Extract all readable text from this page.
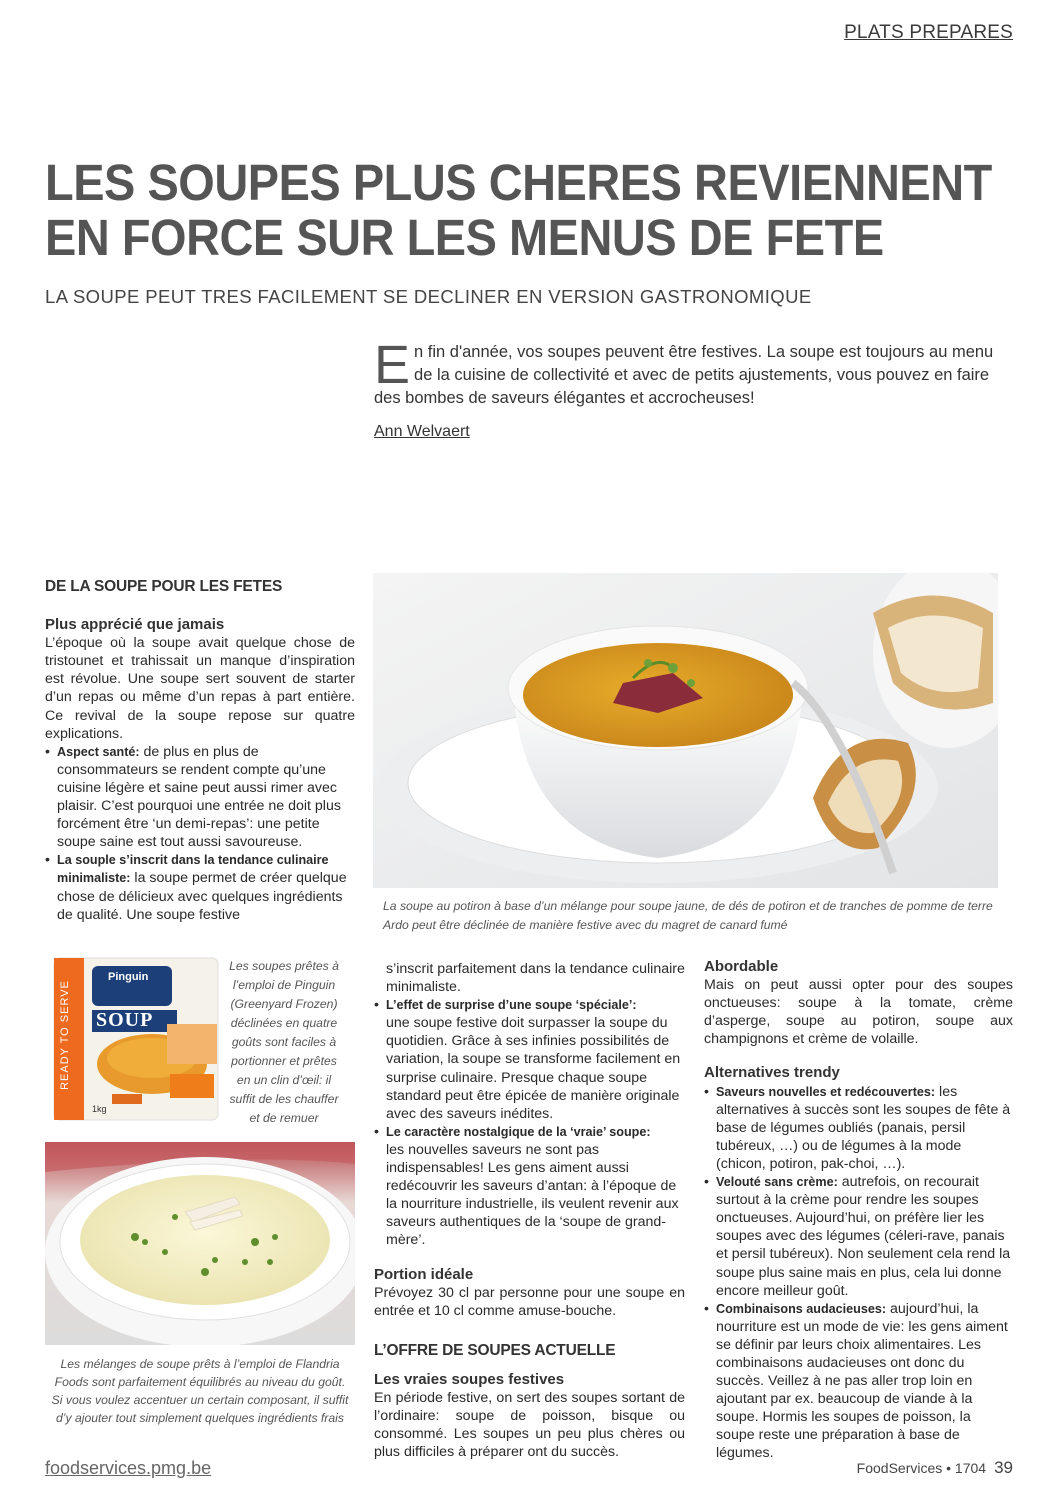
PLATS PREPARES
LES SOUPES PLUS CHERES REVIENNENT
EN FORCE SUR LES MENUS DE FETE
LA SOUPE PEUT TRES FACILEMENT SE DECLINER EN VERSION GASTRONOMIQUE
En fin d'année, vos soupes peuvent être festives. La soupe est toujours au menu de la cuisine de collectivité et avec de petits ajustements, vous pouvez en faire des bombes de saveurs élégantes et accrocheuses!
Ann Welvaert
DE LA SOUPE POUR LES FETES
Plus apprécié que jamais

L’époque où la soupe avait quelque chose de tristounet et trahissait un manque d’inspiration est révolue. Une soupe sert souvent de starter d’un repas ou même d’un repas à part entière. Ce revival de la soupe repose sur quatre explications.

• Aspect santé: de plus en plus de consommateurs se rendent compte qu’une cuisine légère et saine peut aussi rimer avec plaisir. C’est pourquoi une entrée ne doit plus forcément être ‘un demi-repas’: une petite soupe saine est tout aussi savoureuse.
• La souple s’inscrit dans la tendance culinaire minimaliste: la soupe permet de créer quelque chose de délicieux avec quelques ingrédients de qualité. Une soupe festive
La soupe au potiron à base d’un mélange pour soupe jaune, de dés de potiron et de tranches de pomme de terre Ardo peut être déclinée de manière festive avec du magret de canard fumé
Pinguin
SOUP
READY TO SERVE
1kg
Les soupes prêtes à l’emploi de Pinguin (Greenyard Frozen) déclinées en quatre goûts sont faciles à portionner et prêtes en un clin d’œil: il suffit de les chauffer et de remuer
Les mélanges de soupe prêts à l’emploi de Flandria Foods sont parfaitement équilibrés au niveau du goût. Si vous voulez accentuer un certain composant, il suffit d’y ajouter tout simplement quelques ingrédients frais
s’inscrit parfaitement dans la tendance culinaire minimaliste.
• L’effet de surprise d’une soupe ‘spéciale’:
une soupe festive doit surpasser la soupe du quotidien. Grâce à ses infinies possibilités de variation, la soupe se transforme facilement en surprise culinaire. Presque chaque soupe standard peut être épicée de manière originale avec des saveurs inédites.
• Le caractère nostalgique de la ‘vraie’ soupe:
les nouvelles saveurs ne sont pas indispensables! Les gens aiment aussi redécouvrir les saveurs d’antan: à l’époque de la nourriture industrielle, ils veulent revenir aux saveurs authentiques de la ‘soupe de grand-mère’.
Portion idéale

Prévoyez 30 cl par personne pour une soupe en entrée et 10 cl comme amuse-bouche.

L’OFFRE DE SOUPES ACTUELLE
Les vraies soupes festives

En période festive, on sert des soupes sortant de l’ordinaire: soupe de poisson, bisque ou consommé. Les soupes un peu plus chères ou plus difficiles à préparer ont du succès.

Abordable

Mais on peut aussi opter pour des soupes onctueuses: soupe à la tomate, crème d’asperge, soupe au potiron, soupe aux champignons et crème de volaille.

Alternatives trendy
• Saveurs nouvelles et redécouvertes: les alternatives à succès sont les soupes de fête à base de légumes oubliés (panais, persil tubéreux, …) ou de légumes à la mode (chicon, potiron, pak-choi, …).
• Velouté sans crème: autrefois, on recourait surtout à la crème pour rendre les soupes onctueuses. Aujourd’hui, on préfère lier les soupes avec des légumes (céleri-rave, panais et persil tubéreux). Non seulement cela rend la soupe plus saine mais en plus, cela lui donne encore meilleur goût.
• Combinaisons audacieuses: aujourd’hui, la nourriture est un mode de vie: les gens aiment se définir par leurs choix alimentaires. Les combinaisons audacieuses ont donc du succès. Veillez à ne pas aller trop loin en ajoutant par ex. beaucoup de viande à la soupe. Hormis les soupes de poisson, la soupe reste une préparation à base de légumes.
foodservices.pmg.be	FoodServices • 1704 39
